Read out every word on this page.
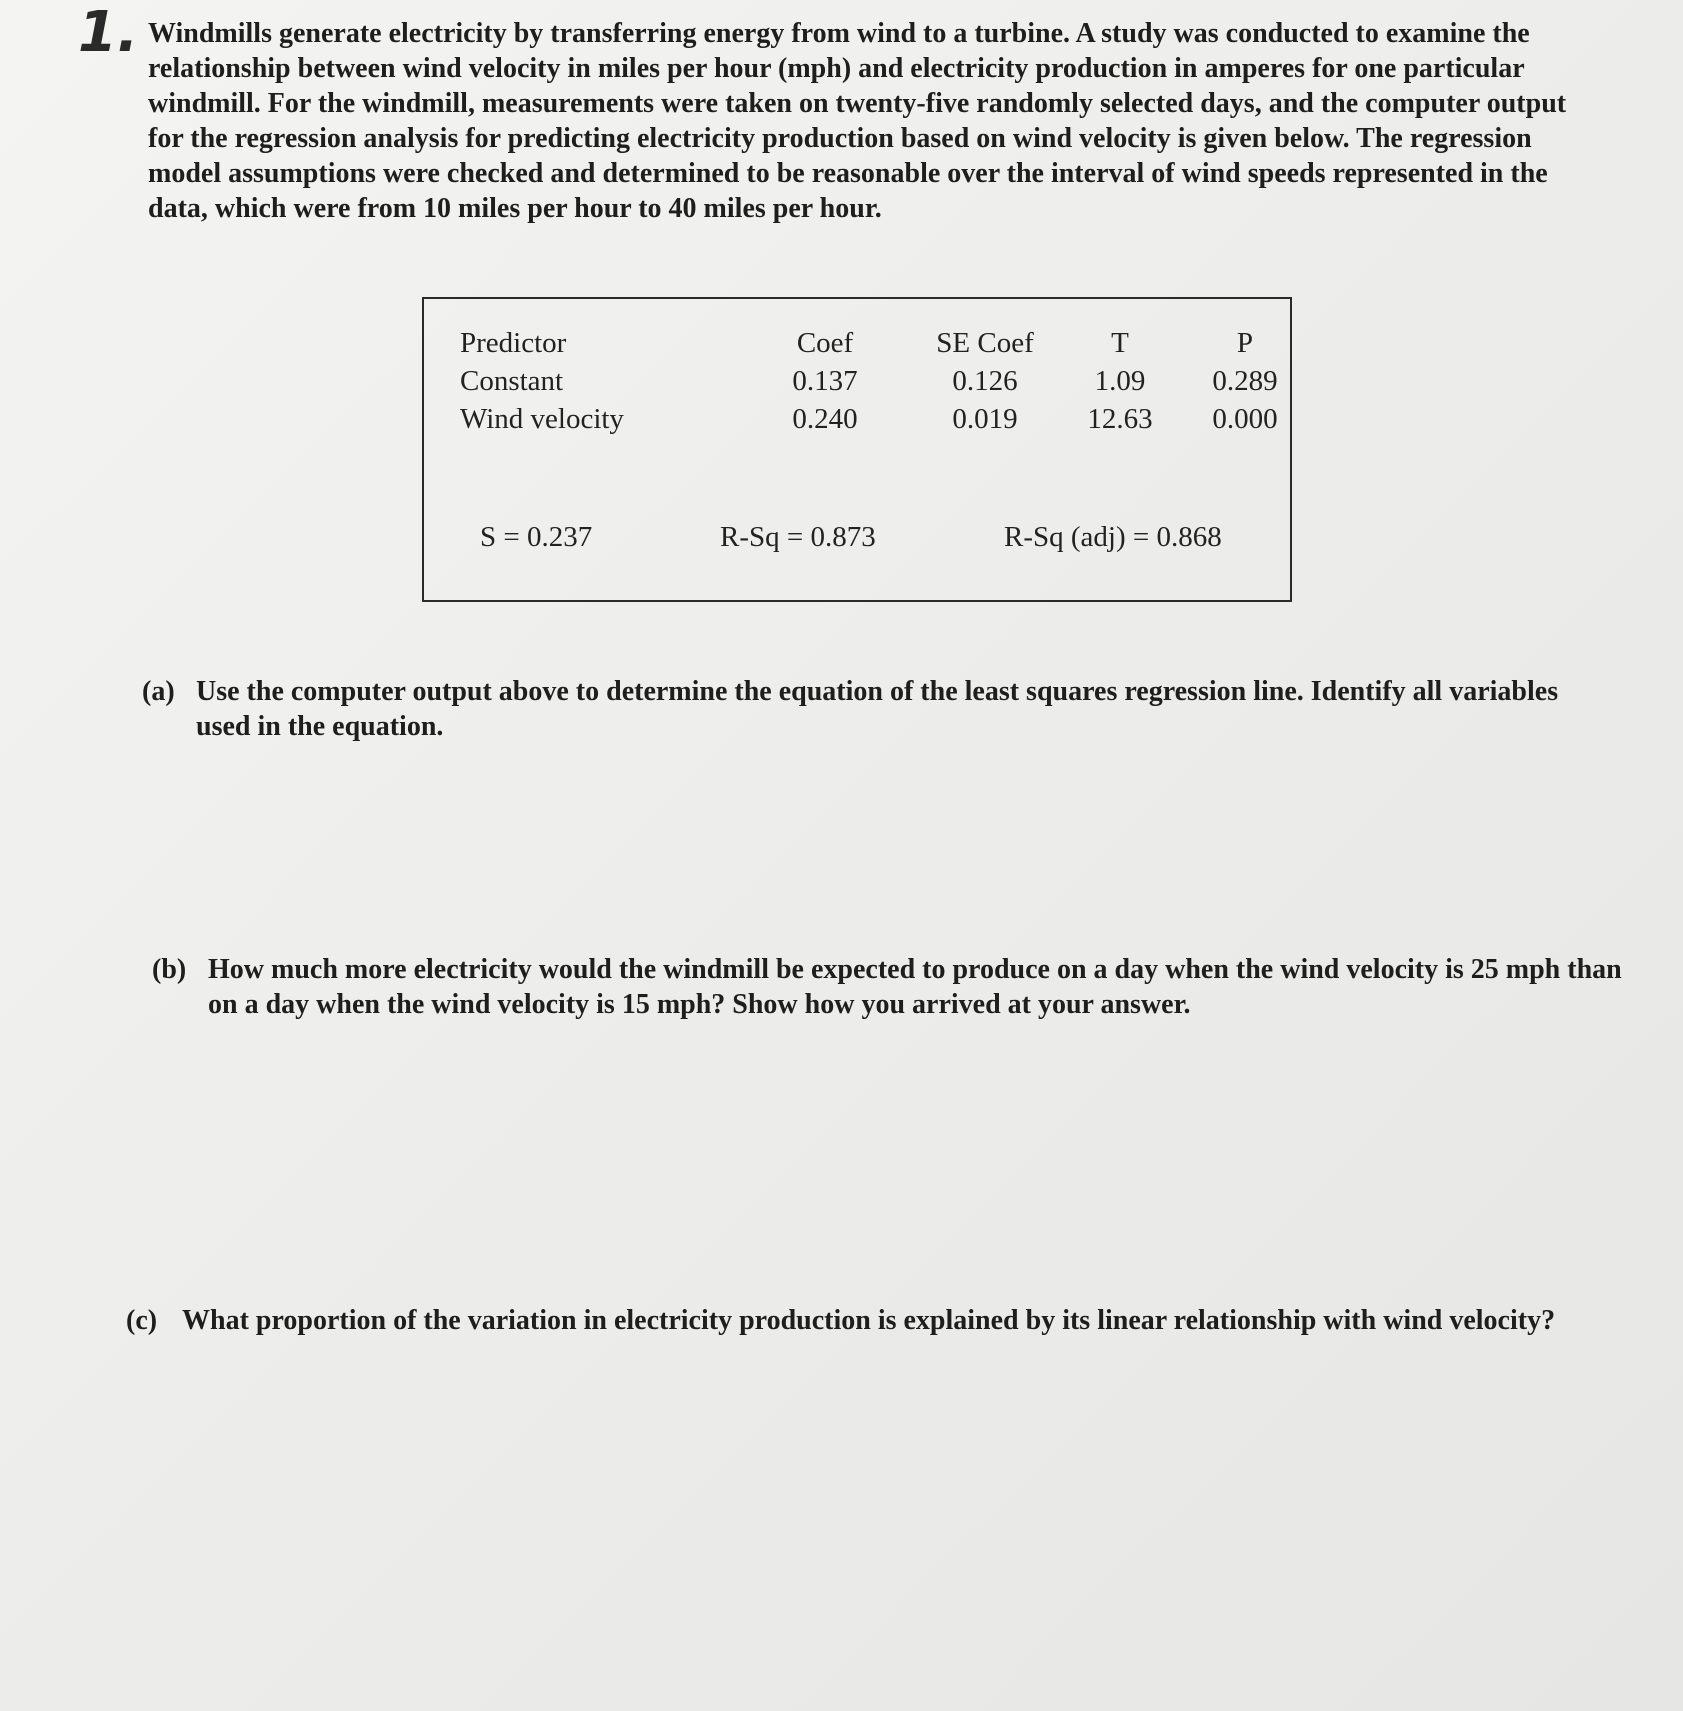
1. Windmills generate electricity by transferring energy from wind to a turbine. A study was conducted to examine the relationship between wind velocity in miles per hour (mph) and electricity production in amperes for one particular windmill. For the windmill, measurements were taken on twenty-five randomly selected days, and the computer output for the regression analysis for predicting electricity production based on wind velocity is given below. The regression model assumptions were checked and determined to be reasonable over the interval of wind speeds represented in the data, which were from 10 miles per hour to 40 miles per hour.
Predictor	Coef	SE Coef	T	P
Constant	0.137	0.126	1.09	0.289
Wind velocity	0.240	0.019	12.63	0.000
S = 0.237	R-Sq = 0.873	R-Sq (adj) = 0.868
(a) Use the computer output above to determine the equation of the least squares regression line. Identify all variables used in the equation.
(b) How much more electricity would the windmill be expected to produce on a day when the wind velocity is 25 mph than on a day when the wind velocity is 15 mph? Show how you arrived at your answer.
(c) What proportion of the variation in electricity production is explained by its linear relationship with wind velocity?
